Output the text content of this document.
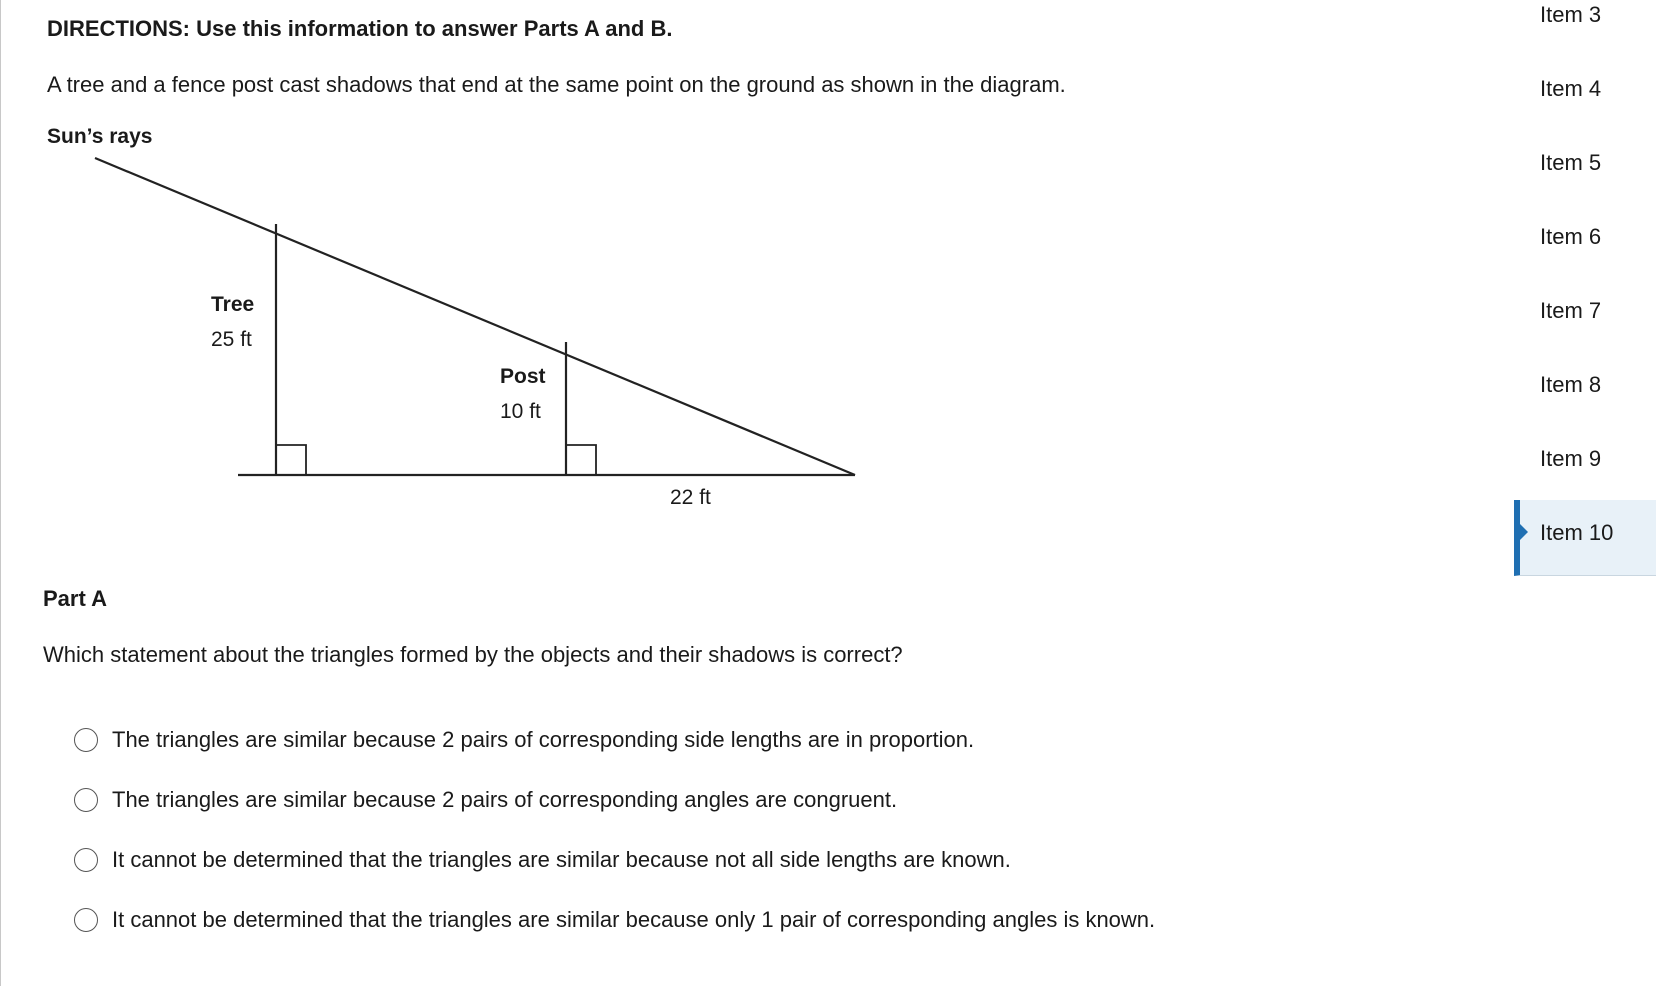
DIRECTIONS: Use this information to answer Parts A and B.

A tree and a fence post cast shadows that end at the same point on the ground as shown in the diagram.

Sun’s rays
Tree
25 ft
Post
10 ft
22 ft

Part A

Which statement about the triangles formed by the objects and their shadows is correct?

The triangles are similar because 2 pairs of corresponding side lengths are in proportion.
The triangles are similar because 2 pairs of corresponding angles are congruent.
It cannot be determined that the triangles are similar because not all side lengths are known.
It cannot be determined that the triangles are similar because only 1 pair of corresponding angles is known.
Item 3
Item 4
Item 5
Item 6
Item 7
Item 8
Item 9
Item 10
